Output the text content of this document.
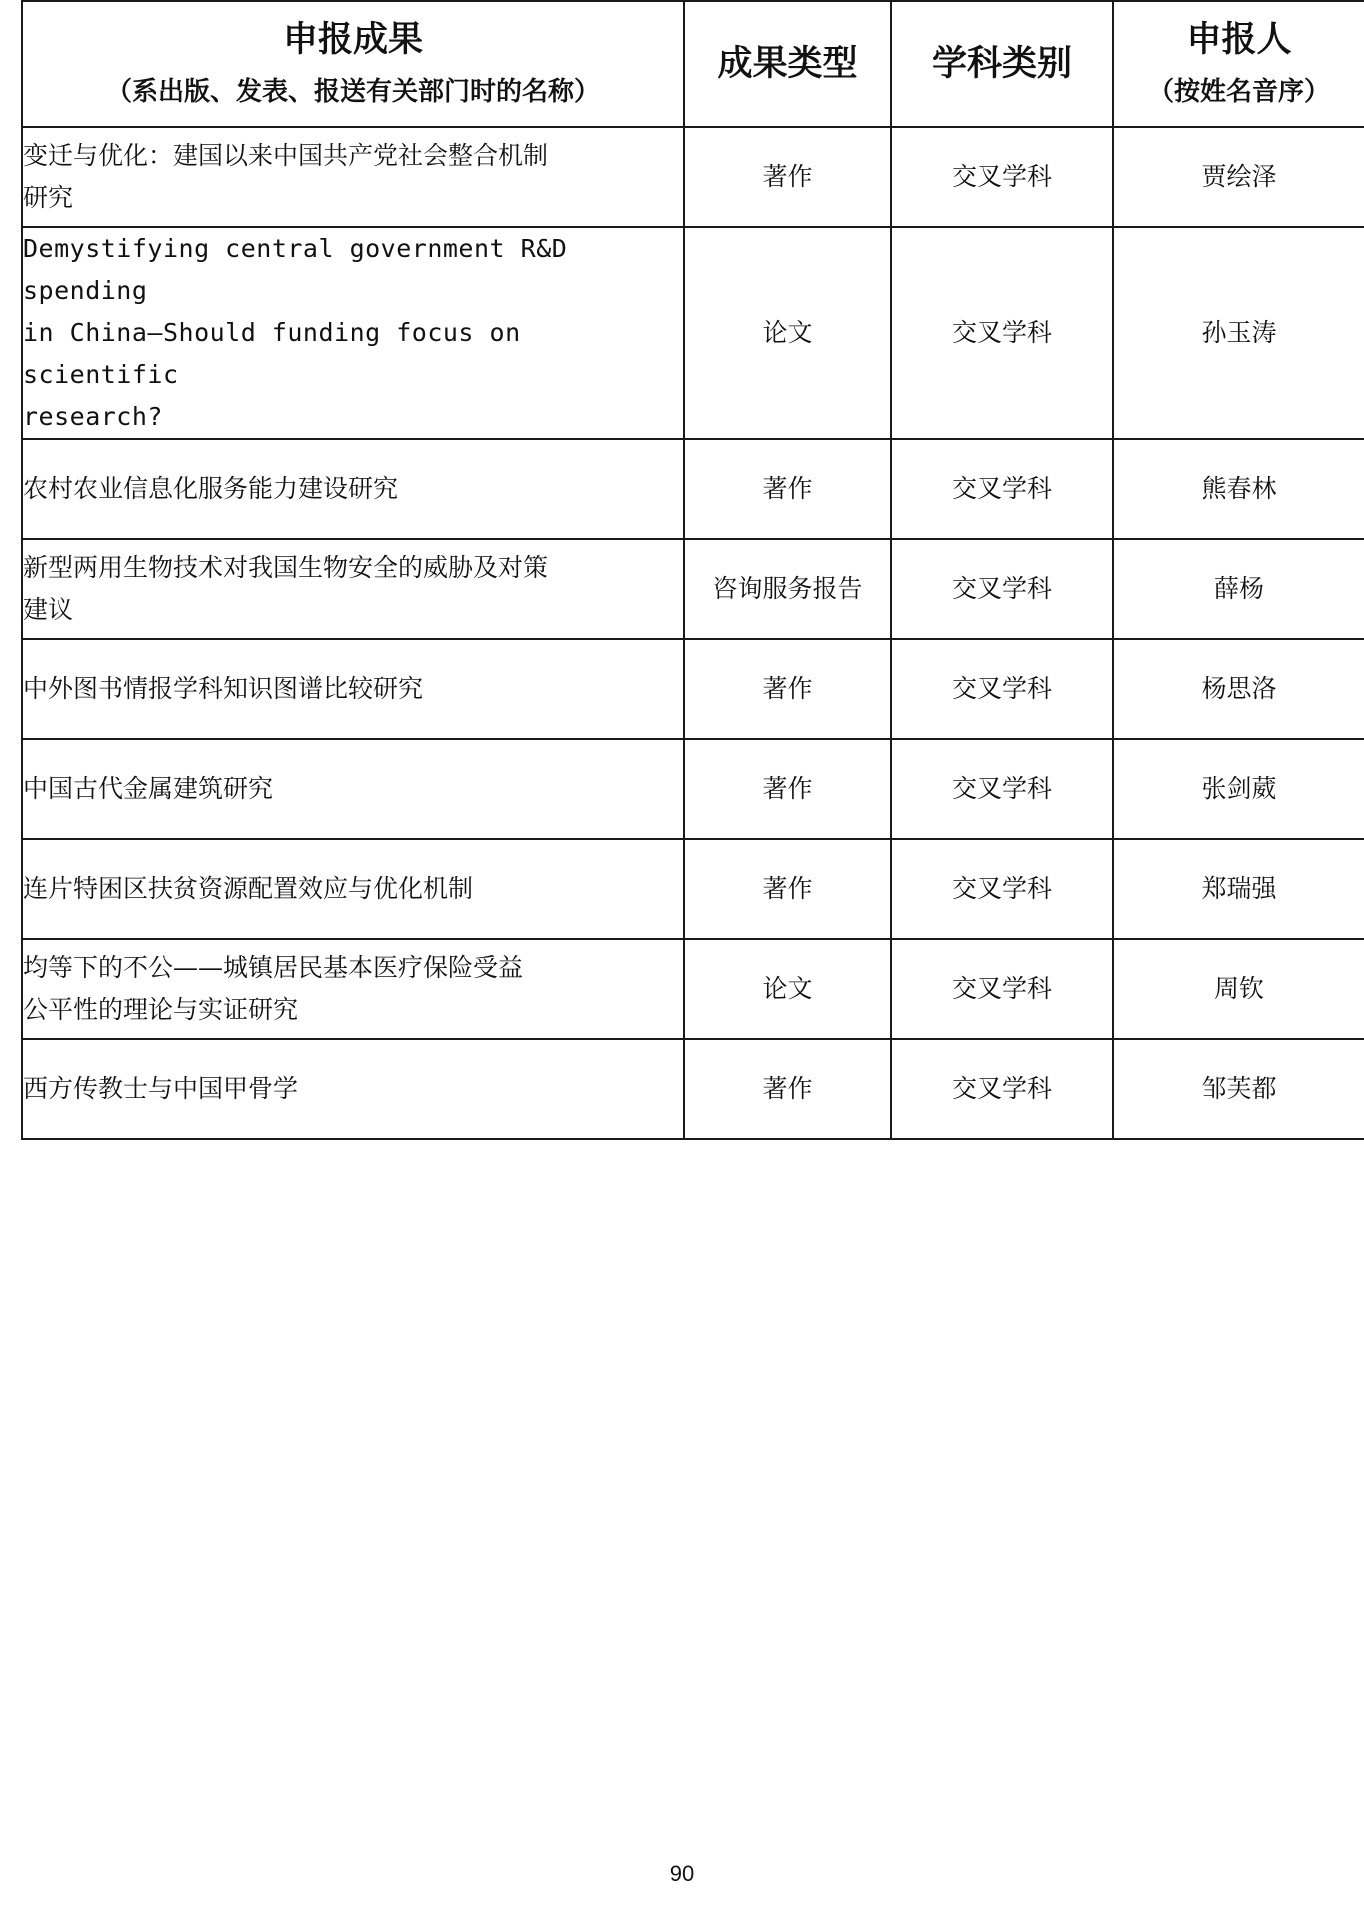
申报成果
（系出版、发表、报送有关部门时的名称）	成果类型	学科类别	申报人
（按姓名音序）

变迁与优化：建国以来中国共产党社会整合机制
研究	著作	交叉学科	贾绘泽

Demystifying central government R&D spending
in China—Should funding focus on scientific
research?	论文	交叉学科	孙玉涛

农村农业信息化服务能力建设研究	著作	交叉学科	熊春林

新型两用生物技术对我国生物安全的威胁及对策
建议	咨询服务报告	交叉学科	薛杨

中外图书情报学科知识图谱比较研究	著作	交叉学科	杨思洛

中国古代金属建筑研究	著作	交叉学科	张剑葳

连片特困区扶贫资源配置效应与优化机制	著作	交叉学科	郑瑞强

均等下的不公——城镇居民基本医疗保险受益
公平性的理论与实证研究	论文	交叉学科	周钦

西方传教士与中国甲骨学	著作	交叉学科	邹芙都
90
